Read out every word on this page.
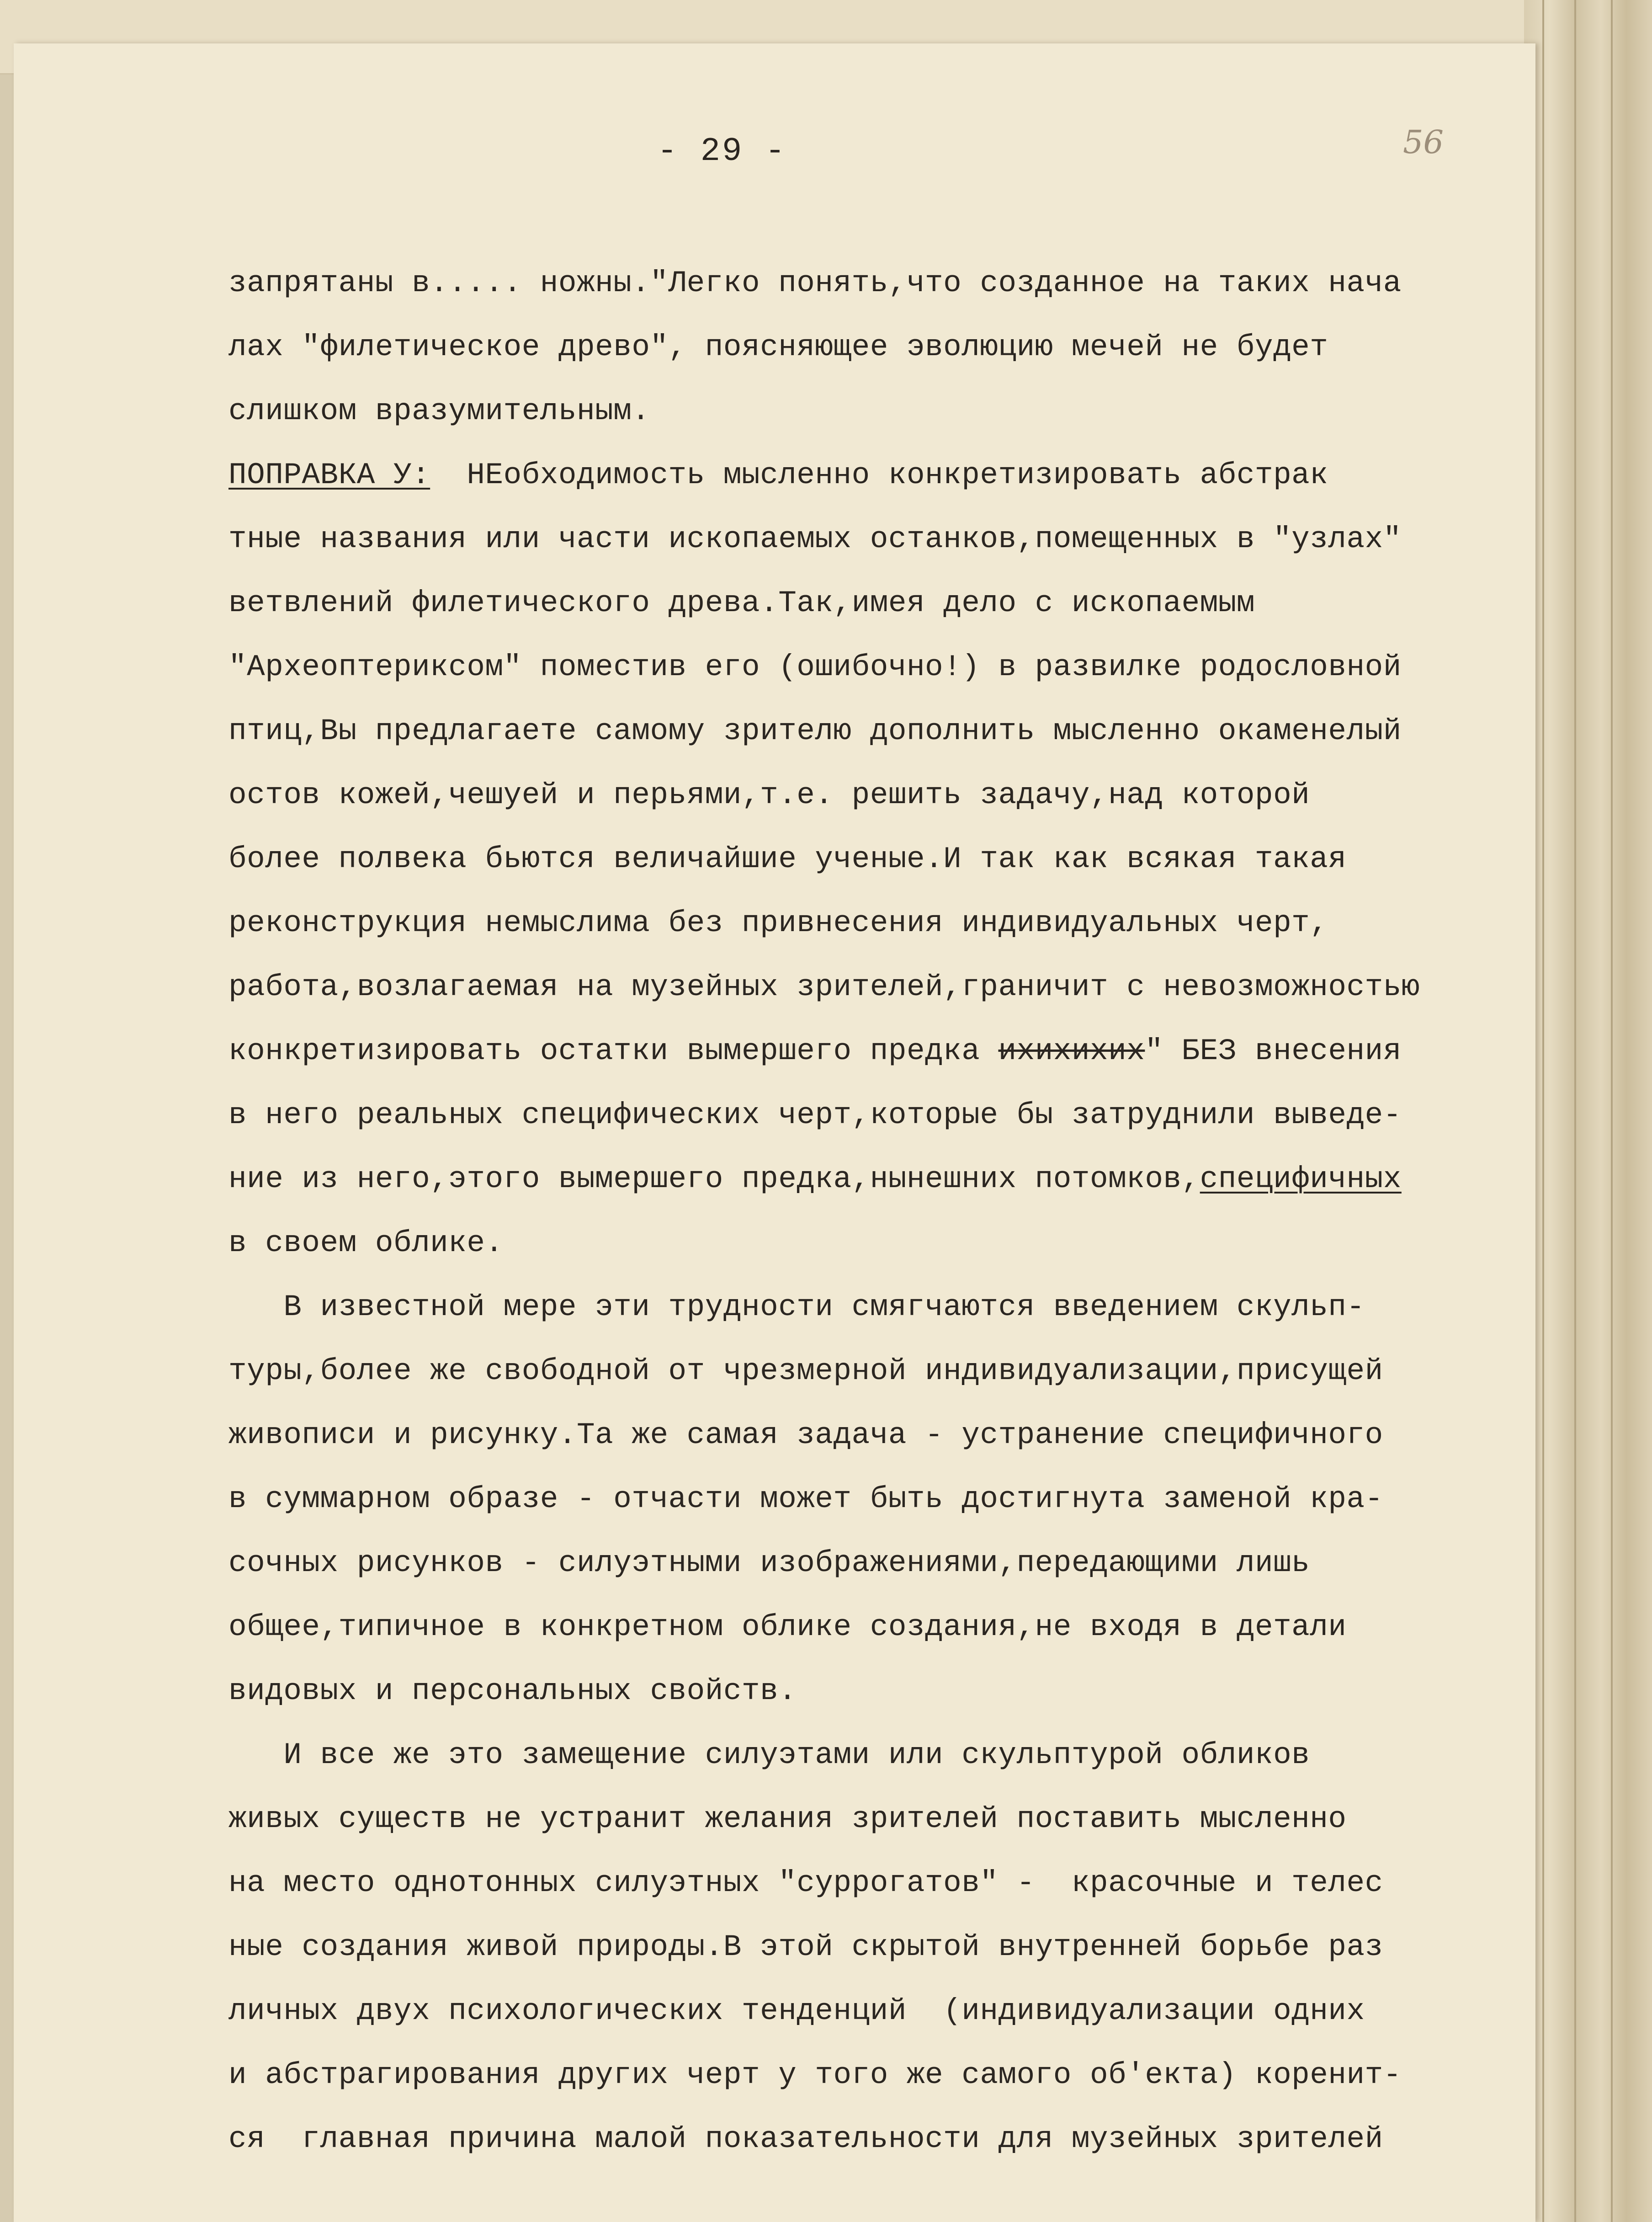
- 29 -	56
запрятаны в..... ножны."Легко понять,что созданное на таких нача
лах "филетическое древо", поясняющее эволюцию мечей не будет
слишком вразумительным.
ПОПРАВКА У:  НЕобходимость мысленно конкретизировать абстрак
тные названия или части ископаемых останков,помещенных в "узлах"
ветвлений филетического древа.Так,имея дело с ископаемым
"Археоптериксом" поместив его (ошибочно!) в развилке родословной
птиц,Вы предлагаете самому зрителю дополнить мысленно окаменелый
остов кожей,чешуей и перьями,т.е. решить задачу,над которой
более полвека бьются величайшие ученые.И так как всякая такая
реконструкция немыслима без привнесения индивидуальных черт,
работа,возлагаемая на музейных зрителей,граничит с невозможностью
конкретизировать остатки вымершего предка ихихихих" БЕЗ внесения
в него реальных специфических черт,которые бы затруднили выведе-
ние из него,этого вымершего предка,нынешних потомков,специфичных
в своем облике.
В известной мере эти трудности смягчаются введением скульп-
туры,более же свободной от чрезмерной индивидуализации,присущей
живописи и рисунку.Та же самая задача - устранение специфичного
в суммарном образе - отчасти может быть достигнута заменой кра-
сочных рисунков - силуэтными изображениями,передающими лишь
общее,типичное в конкретном облике создания,не входя в детали
видовых и персональных свойств.
И все же это замещение силуэтами или скульптурой обликов
живых существ не устранит желания зрителей поставить мысленно
на место однотонных силуэтных "суррогатов" -  красочные и телес
ные создания живой природы.В этой скрытой внутренней борьбе раз
личных двух психологических тенденций  (индивидуализации одних
и абстрагирования других черт у того же самого об'екта) коренит-
ся  главная причина малой показательности для музейных зрителей
